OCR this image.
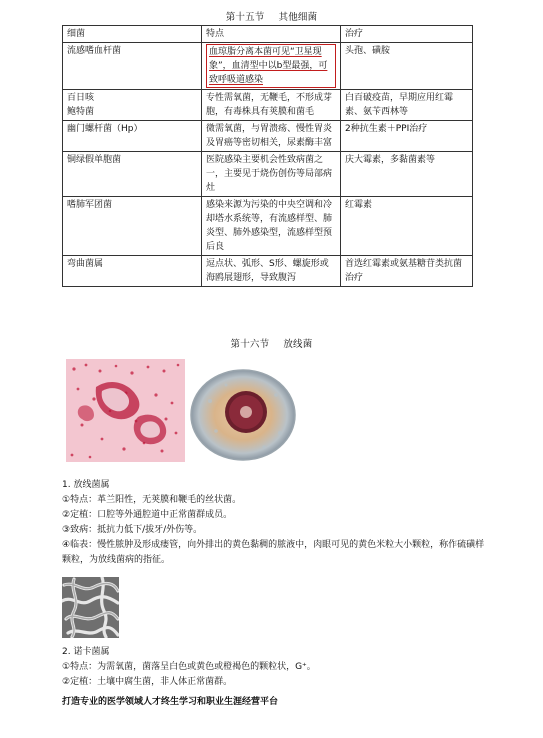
第十五节 其他细菌
细菌	特点	治疗
流感嗜血杆菌	血琼脂分离本菌可见“卫星现象”，血清型中以b型最强，可致呼吸道感染	头孢、磺胺
百日咳
鲍特菌	专性需氧菌，无鞭毛，不形成芽胞，有毒株具有荚膜和菌毛	白百破疫苗，早期应用红霉素、氨苄西林等
幽门螺杆菌（Hp）	微需氧菌，与胃溃疡、慢性胃炎及胃癌等密切相关，尿素酶丰富	2种抗生素＋PPI治疗
铜绿假单胞菌	医院感染主要机会性致病菌之一，主要见于烧伤创伤等局部病灶	庆大霉素，多黏菌素等
嗜肺军团菌	感染来源为污染的中央空调和冷却塔水系统等，有流感样型、肺炎型、肺外感染型，流感样型预后良	红霉素
弯曲菌属	逗点状、弧形、S形、螺旋形或海鸥展翅形，导致腹泻	首选红霉素或氨基糖苷类抗菌治疗
第十六节 放线菌
1. 放线菌属
①特点：革兰阳性，无荚膜和鞭毛的丝状菌。
②定植：口腔等外通腔道中正常菌群成员。
③致病：抵抗力低下/拔牙/外伤等。
④临表：慢性脓肿及形成瘘管，向外排出的黄色黏稠的脓液中，肉眼可见的黄色米粒大小颗粒，称作硫磺样颗粒，为放线菌病的指征。
2. 诺卡菌属
①特点：为需氧菌，菌落呈白色或黄色或橙褐色的颗粒状，G⁺。
②定植：土壤中腐生菌，非人体正常菌群。
打造专业的医学领域人才终生学习和职业生涯经营平台
